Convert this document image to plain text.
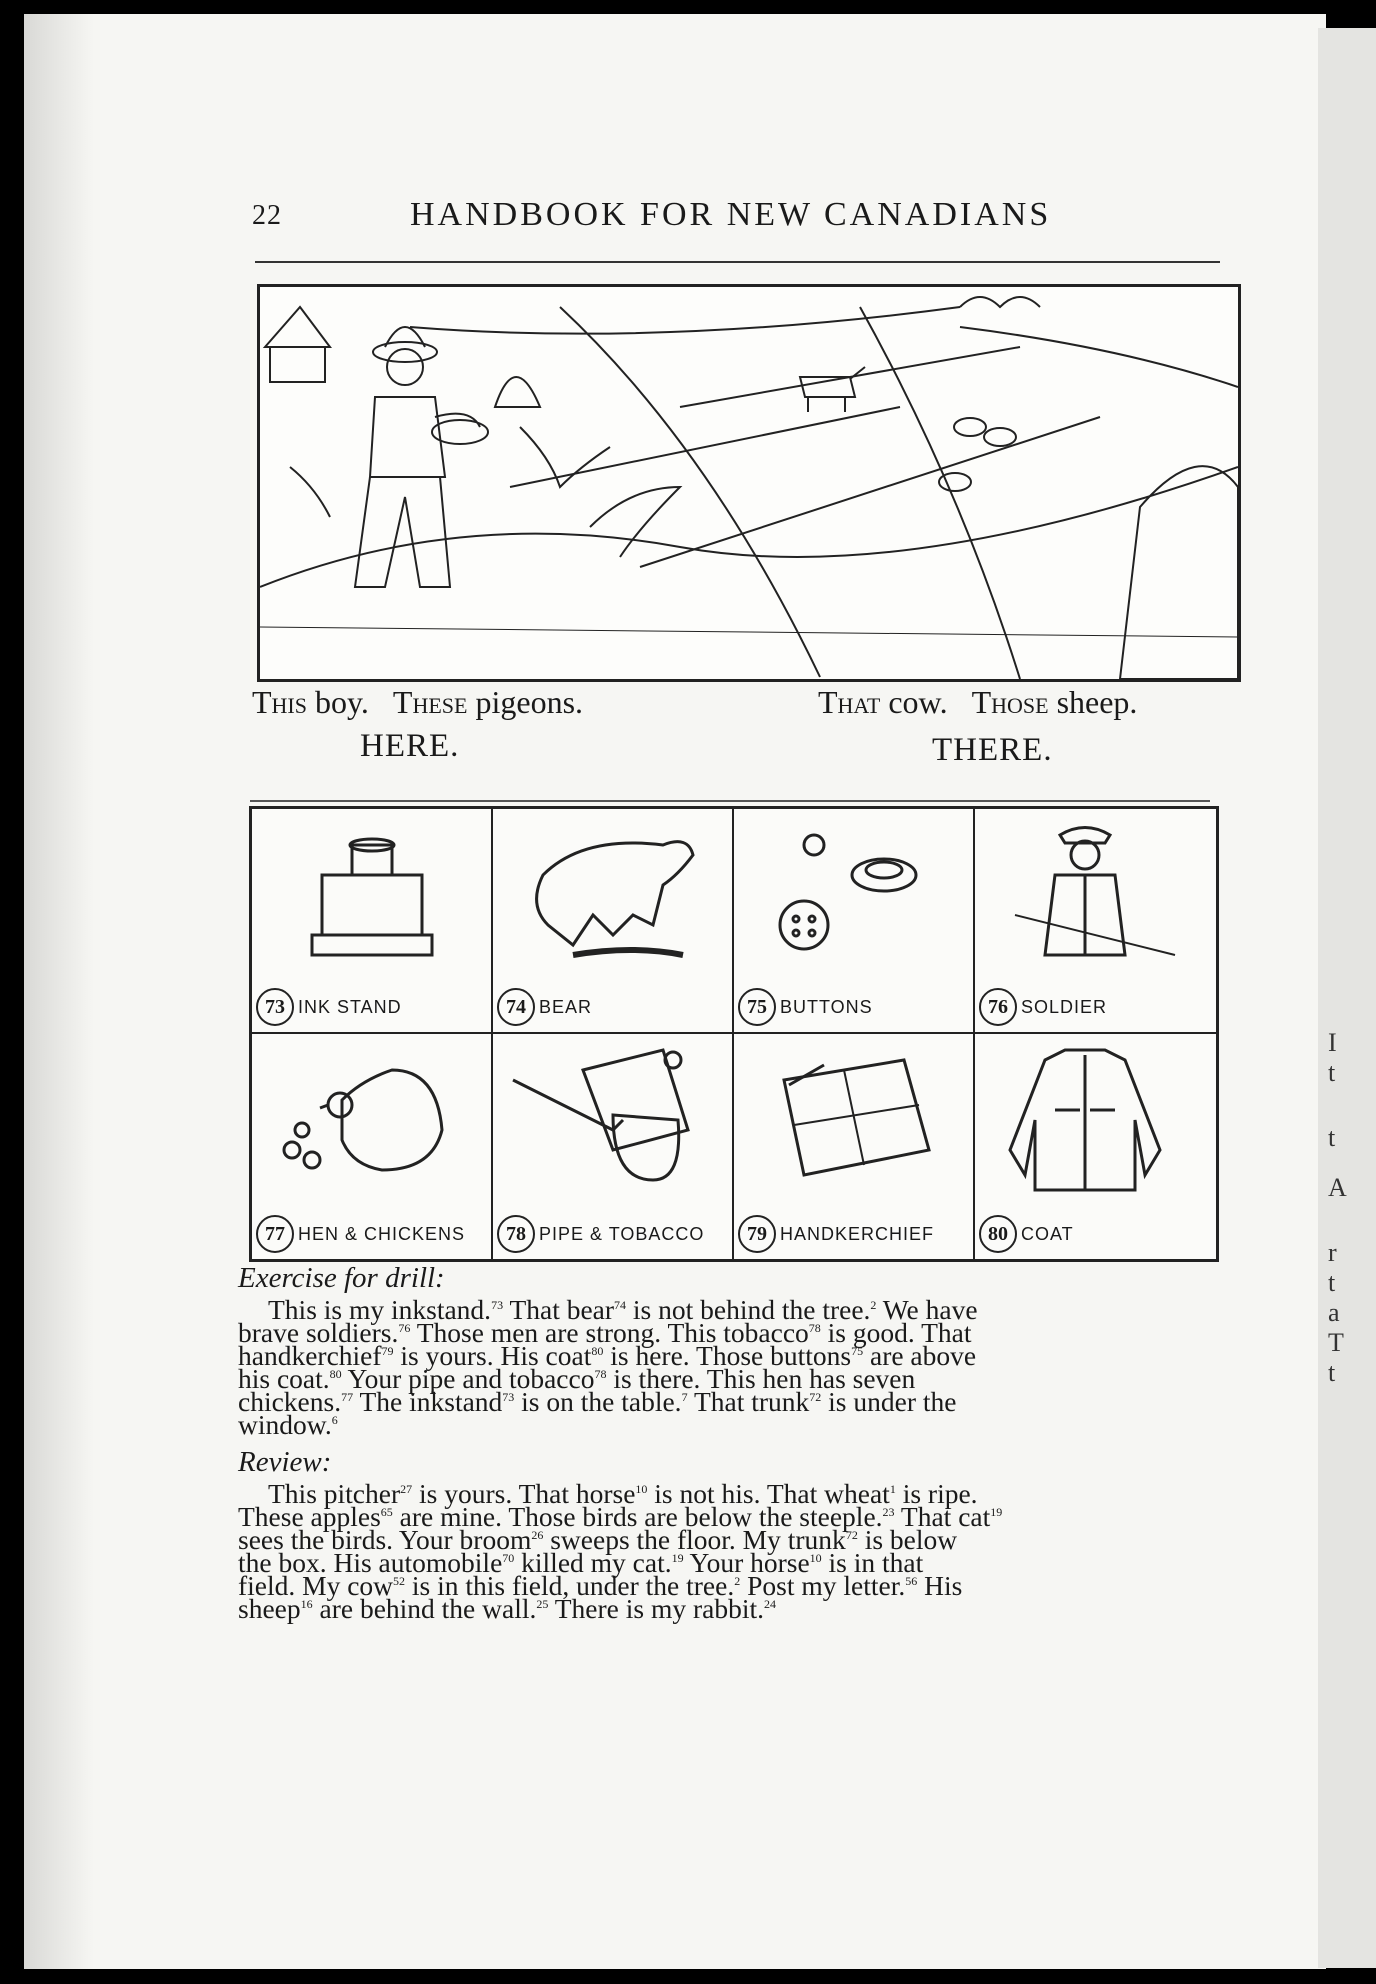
I
t
t
A
r
t
a
T
t
22	HANDBOOK FOR NEW CANADIANS
This boy. These pigeons.	That cow. Those sheep.
HERE.	THERE.
73 INK STAND	74 BEAR	75 BUTTONS	76 SOLDIER
77 HEN & CHICKENS	78 PIPE & TOBACCO	79 HANDKERCHIEF	80 COAT
Exercise for drill:
This is my inkstand.$^{73}$ That bear$^{74}$ is not behind the tree.$^2$ We have
brave soldiers.$^{76}$ Those men are strong. This tobacco$^{78}$ is good. That
handkerchief$^{79}$ is yours. His coat$^{80}$ is here. Those buttons$^{75}$ are above
his coat.$^{80}$ Your pipe and tobacco$^{78}$ is there. This hen has seven
chickens.$^{77}$ The inkstand$^{73}$ is on the table.$^7$ That trunk$^{72}$ is under the
window.$^6$
Review:
This pitcher$^{27}$ is yours. That horse$^{10}$ is not his. That wheat$^1$ is ripe.
These apples$^{65}$ are mine. Those birds are below the steeple.$^{23}$ That cat$^{19}$
sees the birds. Your broom$^{26}$ sweeps the floor. My trunk$^{72}$ is below
the box. His automobile$^{70}$ killed my cat.$^{19}$ Your horse$^{10}$ is in that
field. My cow$^{52}$ is in this field, under the tree.$^2$ Post my letter.$^{56}$ His
sheep$^{16}$ are behind the wall.$^{25}$ There is my rabbit.$^{24}$
